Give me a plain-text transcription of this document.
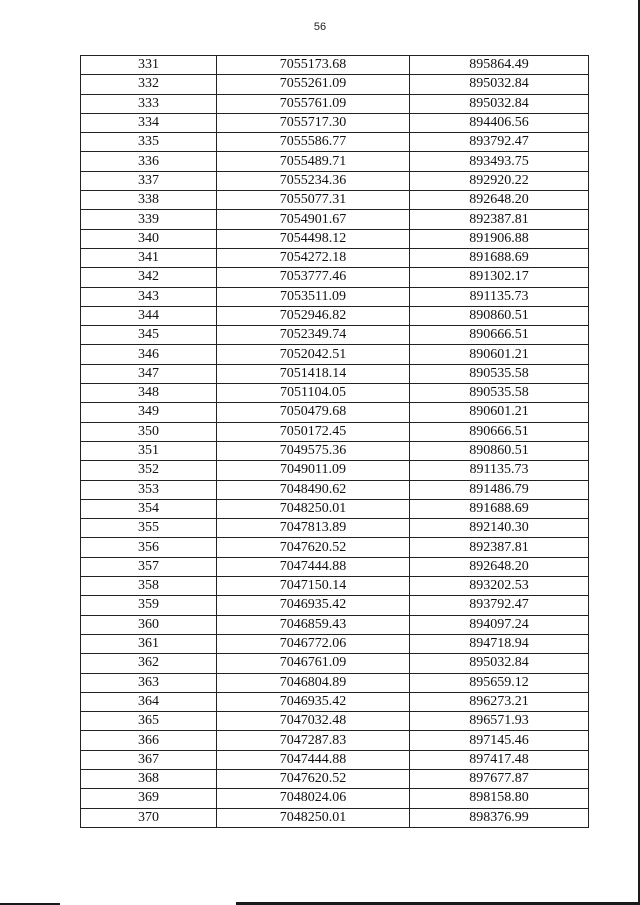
56
331	7055173.68	895864.49
332	7055261.09	895032.84
333	7055761.09	895032.84
334	7055717.30	894406.56
335	7055586.77	893792.47
336	7055489.71	893493.75
337	7055234.36	892920.22
338	7055077.31	892648.20
339	7054901.67	892387.81
340	7054498.12	891906.88
341	7054272.18	891688.69
342	7053777.46	891302.17
343	7053511.09	891135.73
344	7052946.82	890860.51
345	7052349.74	890666.51
346	7052042.51	890601.21
347	7051418.14	890535.58
348	7051104.05	890535.58
349	7050479.68	890601.21
350	7050172.45	890666.51
351	7049575.36	890860.51
352	7049011.09	891135.73
353	7048490.62	891486.79
354	7048250.01	891688.69
355	7047813.89	892140.30
356	7047620.52	892387.81
357	7047444.88	892648.20
358	7047150.14	893202.53
359	7046935.42	893792.47
360	7046859.43	894097.24
361	7046772.06	894718.94
362	7046761.09	895032.84
363	7046804.89	895659.12
364	7046935.42	896273.21
365	7047032.48	896571.93
366	7047287.83	897145.46
367	7047444.88	897417.48
368	7047620.52	897677.87
369	7048024.06	898158.80
370	7048250.01	898376.99
